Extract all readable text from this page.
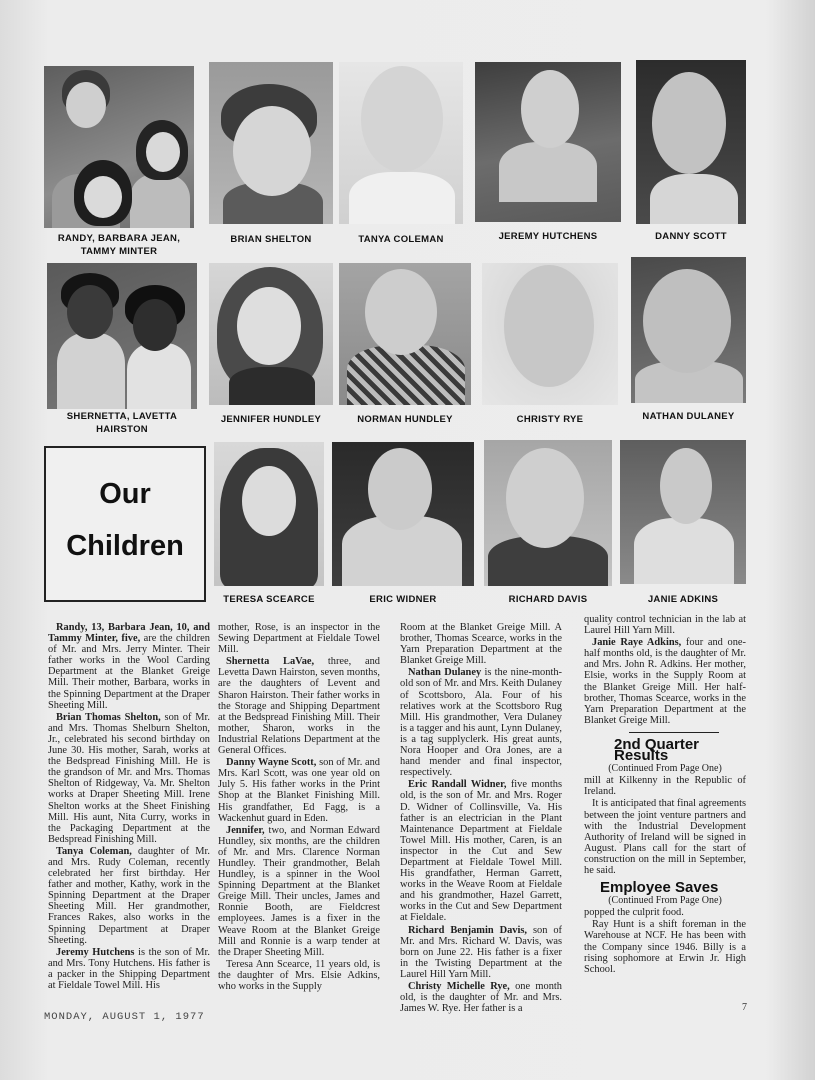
RANDY, BARBARA JEAN, TAMMY MINTER
BRIAN SHELTON	TANYA COLEMAN	JEREMY HUTCHENS	DANNY SCOTT
SHERNETTA, LAVETTA HAIRSTON
JENNIFER HUNDLEY	NORMAN HUNDLEY	CHRISTY RYE	NATHAN DULANEY
Our
Children
TERESA SCEARCE	ERIC WIDNER	RICHARD DAVIS	JANIE ADKINS

Randy, 13, Barbara Jean, 10, and Tammy Minter, five, are the children of Mr. and Mrs. Jerry Minter. Their father works in the Wool Carding Department at the Blanket Greige Mill. Their mother, Barbara, works in the Spinning Department at the Draper Sheeting Mill.

Brian Thomas Shelton, son of Mr. and Mrs. Thomas Shelburn Shelton, Jr., celebrated his second birthday on June 30. His mother, Sarah, works at the Bedspread Finishing Mill. He is the grandson of Mr. and Mrs. Thomas Shelton of Ridgeway, Va. Mr. Shelton works at Draper Sheeting Mill. Irene Shelton works at the Sheet Finishing Mill. His aunt, Nita Curry, works in the Packaging Department at the Bedspread Finishing Mill.

Tanya Coleman, daughter of Mr. and Mrs. Rudy Coleman, recently celebrated her first birthday. Her father and mother, Kathy, work in the Spinning Department at the Draper Sheeting Mill. Her grandmother, Frances Rakes, also works in the Spinning Department at Draper Sheeting.

Jeremy Hutchens is the son of Mr. and Mrs. Tony Hutchens. His father is a packer in the Shipping Department at Fieldale Towel Mill. His

mother, Rose, is an inspector in the Sewing Department at Fieldale Towel Mill.

Shernetta LaVae, three, and Levetta Dawn Hairston, seven months, are the daughters of Levent and Sharon Hairston. Their father works in the Storage and Shipping Department at the Bedspread Finishing Mill. Their mother, Sharon, works in the Industrial Relations Department at the General Offices.

Danny Wayne Scott, son of Mr. and Mrs. Karl Scott, was one year old on July 5. His father works in the Print Shop at the Blanket Finishing Mill. His grandfather, Ed Fagg, is a Wackenhut guard in Eden.

Jennifer, two, and Norman Edward Hundley, six months, are the children of Mr. and Mrs. Clarence Norman Hundley. Their grandmother, Belah Hundley, is a spinner in the Wool Spinning Department at the Blanket Greige Mill. Their uncles, James and Ronnie Booth, are Fieldcrest employees. James is a fixer in the Weave Room at the Blanket Greige Mill and Ronnie is a warp tender at the Draper Sheeting Mill.

Teresa Ann Scearce, 11 years old, is the daughter of Mrs. Elsie Adkins, who works in the Supply

Room at the Blanket Greige Mill. A brother, Thomas Scearce, works in the Yarn Preparation Department at the Blanket Greige Mill.

Nathan Dulaney is the nine-month-old son of Mr. and Mrs. Keith Dulaney of Scottsboro, Ala. Four of his relatives work at the Scottsboro Rug Mill. His grandmother, Vera Dulaney is a tagger and his aunt, Lynn Dulaney, is a tag supplyclerk. His great aunts, Nora Hooper and Ora Jones, are a hand mender and final inspector, respectively.

Eric Randall Widner, five months old, is the son of Mr. and Mrs. Roger D. Widner of Collinsville, Va. His father is an electrician in the Plant Maintenance Department at Fieldale Towel Mill. His mother, Caren, is an inspector in the Cut and Sew Department at Fieldale Towel Mill. His grandfather, Herman Garrett, works in the Weave Room at Fieldale and his grandmother, Hazel Garrett, works in the Cut and Sew Department at Fieldale.

Richard Benjamin Davis, son of Mr. and Mrs. Richard W. Davis, was born on June 22. His father is a fixer in the Twisting Department at the Laurel Hill Yarn Mill.

Christy Michelle Rye, one month old, is the daughter of Mr. and Mrs. James W. Rye. Her father is a

quality control technician in the lab at Laurel Hill Yarn Mill.

Janie Raye Adkins, four and one-half months old, is the daughter of Mr. and Mrs. John R. Adkins. Her mother, Elsie, works in the Supply Room at the Blanket Greige Mill. Her half-brother, Thomas Scearce, works in the Yarn Preparation Department at the Blanket Greige Mill.

2nd Quarter Results
(Continued From Page One)

mill at Kilkenny in the Republic of Ireland.

It is anticipated that final agreements between the joint venture partners and with the Industrial Development Authority of Ireland will be signed in August. Plans call for the start of construction on the mill in September, he said.

Employee Saves
(Continued From Page One)

popped the culprit food.

Ray Hunt is a shift foreman in the Warehouse at NCF. He has been with the Company since 1946. Billy is a rising sophomore at Erwin Jr. High School.

MONDAY, AUGUST 1, 1977
7
